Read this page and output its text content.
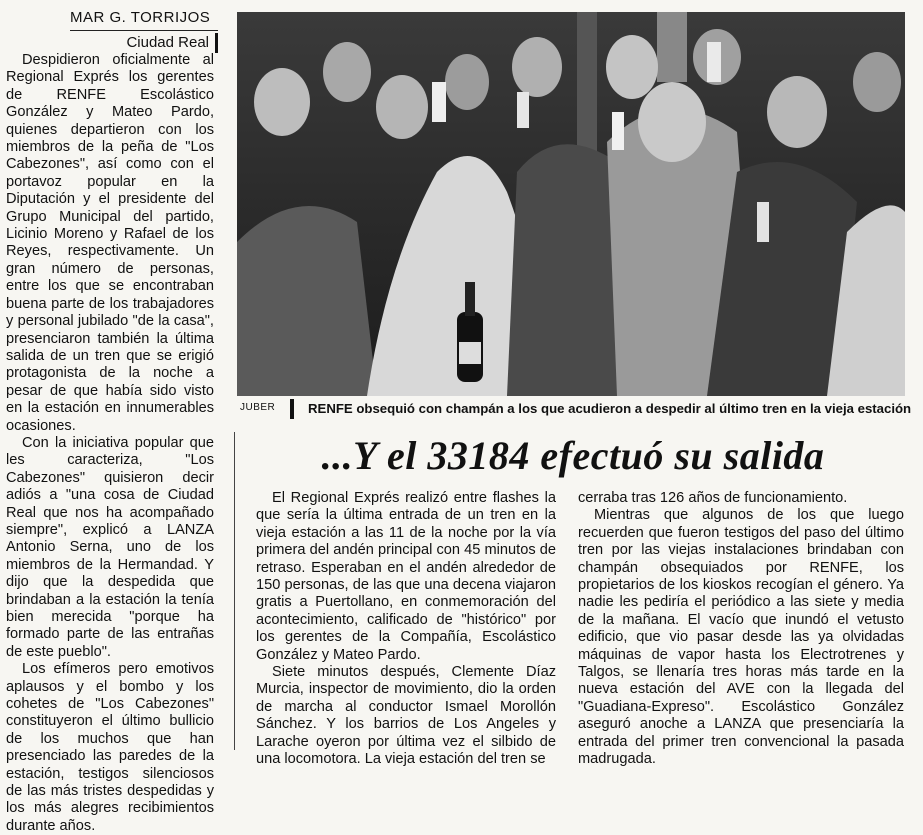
MAR G. TORRIJOS
Ciudad Real

Despidieron oficialmente al Regional Exprés los gerentes de RENFE Escolástico González y Mateo Pardo, quienes departieron con los miembros de la peña de "Los Cabezones", así como con el portavoz popular en la Diputación y el presidente del Grupo Municipal del partido, Licinio Moreno y Rafael de los Reyes, respectivamente. Un gran número de personas, entre los que se encontraban buena parte de los trabajadores y personal jubilado "de la casa", presenciaron también la última salida de un tren que se erigió protagonista de la noche a pesar de que había sido visto en la estación en innumerables ocasiones.

Con la iniciativa popular que les caracteriza, "Los Cabezones" quisieron decir adiós a "una cosa de Ciudad Real que nos ha acompañado siempre", explicó a LANZA Antonio Serna, uno de los miembros de la Hermandad. Y dijo que la despedida que brindaban a la estación la tenía bien merecida "porque ha formado parte de las entrañas de este pueblo".

Los efímeros pero emotivos aplausos y el bombo y los cohetes de "Los Cabezones" constituyeron el último bullicio de los muchos que han presenciado las paredes de la estación, testigos silenciosos de las más tristes despedidas y los más alegres recibimientos durante años.

JUBER	RENFE obsequió con champán a los que acudieron a despedir al último tren en la vieja estación
...Y el 33184 efectuó su salida

El Regional Exprés realizó entre flashes la que sería la última entrada de un tren en la vieja estación a las 11 de la noche por la vía primera del andén principal con 45 minutos de retraso. Esperaban en el andén alrededor de 150 personas, de las que una decena viajaron gratis a Puertollano, en conmemoración del acontecimiento, calificado de "histórico" por los gerentes de la Compañía, Escolástico González y Mateo Pardo.

Siete minutos después, Clemente Díaz Murcia, inspector de movimiento, dio la orden de marcha al conductor Ismael Morollón Sánchez. Y los barrios de Los Angeles y Larache oyeron por última vez el silbido de una locomotora. La vieja estación del tren se

cerraba tras 126 años de funcionamiento.

Mientras que algunos de los que luego recuerden que fueron testigos del paso del último tren por las viejas instalaciones brindaban con champán obsequiados por RENFE, los propietarios de los kioskos recogían el género. Ya nadie les pediría el periódico a las siete y media de la mañana. El vacío que inundó el vetusto edificio, que vio pasar desde las ya olvidadas máquinas de vapor hasta los Electrotrenes y Talgos, se llenaría tres horas más tarde en la nueva estación del AVE con la llegada del "Guadiana-Expreso". Escolástico González aseguró anoche a LANZA que presenciaría la entrada del primer tren convencional la pasada madrugada.
